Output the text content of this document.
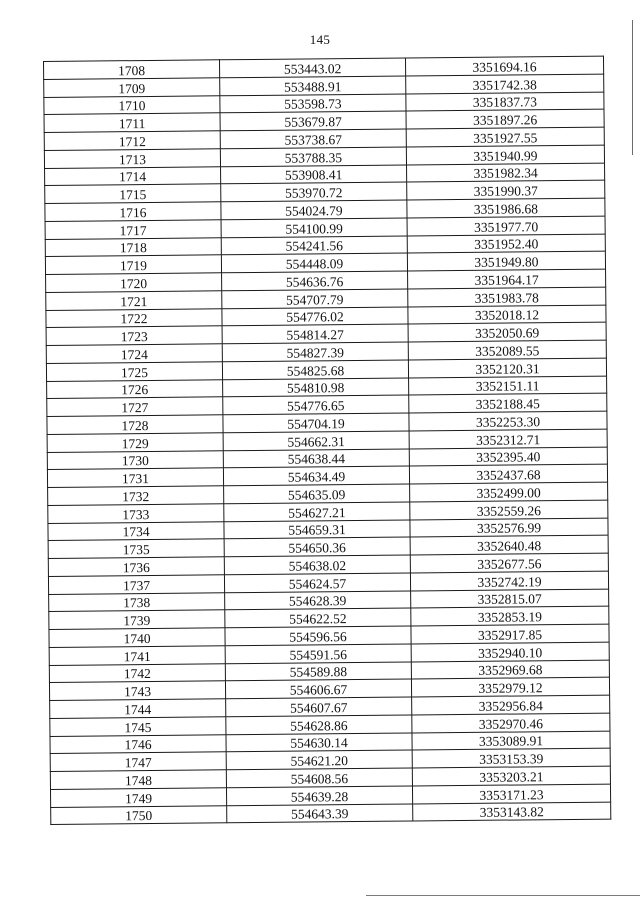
145
1708	553443.02	3351694.16
1709	553488.91	3351742.38
1710	553598.73	3351837.73
1711	553679.87	3351897.26
1712	553738.67	3351927.55
1713	553788.35	3351940.99
1714	553908.41	3351982.34
1715	553970.72	3351990.37
1716	554024.79	3351986.68
1717	554100.99	3351977.70
1718	554241.56	3351952.40
1719	554448.09	3351949.80
1720	554636.76	3351964.17
1721	554707.79	3351983.78
1722	554776.02	3352018.12
1723	554814.27	3352050.69
1724	554827.39	3352089.55
1725	554825.68	3352120.31
1726	554810.98	3352151.11
1727	554776.65	3352188.45
1728	554704.19	3352253.30
1729	554662.31	3352312.71
1730	554638.44	3352395.40
1731	554634.49	3352437.68
1732	554635.09	3352499.00
1733	554627.21	3352559.26
1734	554659.31	3352576.99
1735	554650.36	3352640.48
1736	554638.02	3352677.56
1737	554624.57	3352742.19
1738	554628.39	3352815.07
1739	554622.52	3352853.19
1740	554596.56	3352917.85
1741	554591.56	3352940.10
1742	554589.88	3352969.68
1743	554606.67	3352979.12
1744	554607.67	3352956.84
1745	554628.86	3352970.46
1746	554630.14	3353089.91
1747	554621.20	3353153.39
1748	554608.56	3353203.21
1749	554639.28	3353171.23
1750	554643.39	3353143.82
